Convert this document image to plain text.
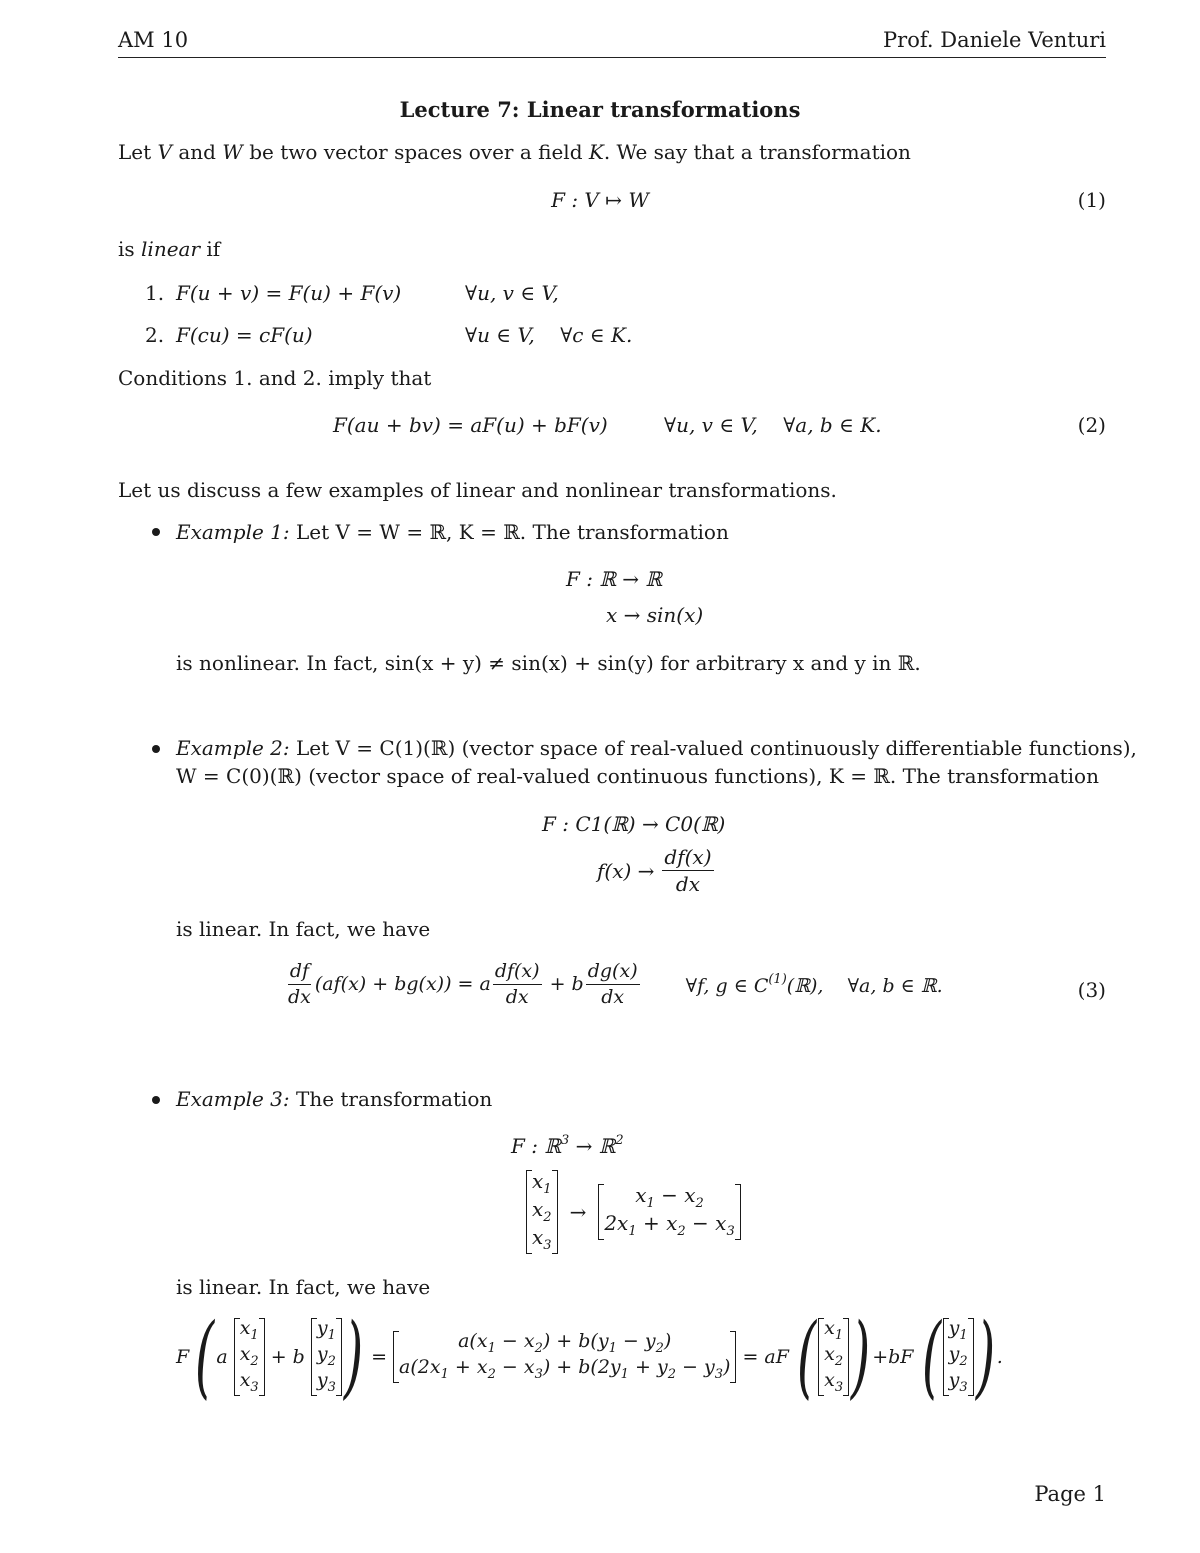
AM 10	Prof. Daniele Venturi
Lecture 7: Linear transformations
Let V and W be two vector spaces over a field K. We say that a transformation
F : V ↦ W	(1)
is linear if
1. F(u + v) = F(u) + F(v)	∀u, v ∈ V,
2. F(cu) = cF(u)	∀u ∈ V,    ∀c ∈ K.
Conditions 1. and 2. imply that
F(au + bv) = aF(u) + bF(v)	∀u, v ∈ V,    ∀a, b ∈ K.	(2)
Let us discuss a few examples of linear and nonlinear transformations.
Example 1: Let V = W = ℝ, K = ℝ. The transformation
F : ℝ → ℝ
x → sin(x)
is nonlinear. In fact, sin(x + y) ≠ sin(x) + sin(y) for arbitrary x and y in ℝ.
Example 2: Let V = C(1)(ℝ) (vector space of real-valued continuously differentiable functions),
W = C(0)(ℝ) (vector space of real-valued continuous functions), K = ℝ. The transformation
F : C1(ℝ) → C0(ℝ)
$f(x) \to \frac{df(x)}{dx}$
is linear. In fact, we have
$\frac{df}{dx} (af(x) + bg(x)) = a \frac{df(x)}{dx} + b \frac{dg(x)}{dx}$ ∀f, g ∈ $C^{(1)}(ℝ)$,    ∀a, b ∈ ℝ.	(3)
Example 3: The transformation
F : ℝ$^3$ → ℝ$^2$
$x_1$
$x_2$
$x_3$
→
$x_1 - x_2$
$2x_1 + x_2 - x_3$
is linear. In fact, we have
F ( a
$x_1$
$x_2$
$x_3$
+ b
$y_1$
$y_2$
$y_3$ ) =
$a(x_1 - x_2) + b(y_1 - y_2)$
$a(2x_1 + x_2 - x_3) + b(2y_1 + y_2 - y_3)$ = aF ( $x_1$
$x_2$
$x_3$ ) +bF ( $y_1$
$y_2$
$y_3$ ) .
Page 1
